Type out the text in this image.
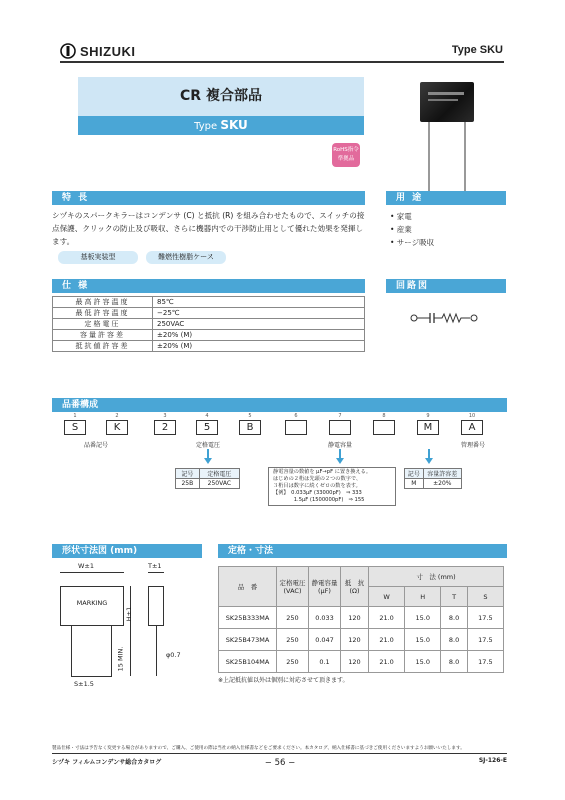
SHIZUKI	Type SKU
CR 複合部品
Type SKU
RoHS指令準拠品
特 長
シヅキのスパークキラーはコンデンサ (C) と抵抗 (R) を組み合わせたもので、スイッチの接点保護、クリックの防止及び吸収、さらに機器内での干渉防止用として優れた効果を発揮します。
基板実装型	難燃性樹脂ケース
用 途
• 家電
• 産業
• サージ吸収
仕 様
最高許容温度	85℃
最低許容温度	−25℃
定格電圧	250VAC
容量許容差	±20% (M)
抵抗値許容差	±20% (M)
回路図
品番構成
1
S
2
K
3
2
4
5
5
B
6	7	8	9
M
10
A
品番記号	定格電圧	静電容量	管理番号
記号	定格電圧
25B	250VAC
静電容量の数値を μF→pF に置き換える。
はじめの２桁は先頭の２つの数字で、
３桁目は数字に続くゼロの数を表す。
【例】　0.033μF (33000pF)　⇒ 333
　　　　1.5μF (1500000pF)　⇒ 155
記号	容量許容差
M	±20%
形状寸法図 (mm)
MARKING
W±1
H±1
15 MIN.
S±1.5
T±1
φ0.7
定格・寸法
品　番	定格電圧 (VAC)	静電容量 (μF)	抵　抗 (Ω)	寸　法 (mm)			
				W	H	T	S
SK25B333MA	250	0.033	120	21.0	15.0	8.0	17.5
SK25B473MA	250	0.047	120	21.0	15.0	8.0	17.5
SK25B104MA	250	0.1	120	21.0	15.0	8.0	17.5
※上記抵抗値以外は個別に対応させて頂きます。
製品仕様・寸法は予告なく変更する場合がありますので、ご購入、ご使用の際は当社の納入仕様書などをご要求ください。本カタログ、納入仕様書に基づきご使用くださいますようお願いいたします。
シヅキ フィルムコンデンサ総合カタログ	− 56 −	SJ-126-E
